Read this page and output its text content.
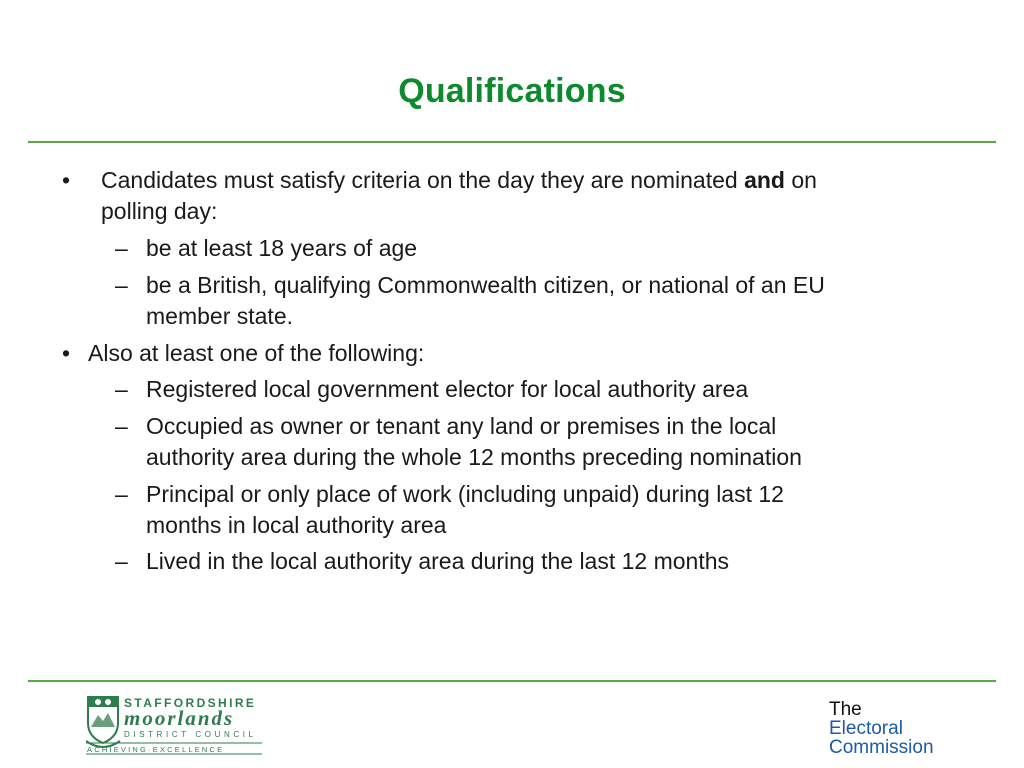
Qualifications
• Candidates must satisfy criteria on the day they are nominated and on
polling day:
– be at least 18 years of age
– be a British, qualifying Commonwealth citizen, or national of an EU
member state.
• Also at least one of the following:
– Registered local government elector for local authority area
– Occupied as owner or tenant any land or premises in the local
authority area during the whole 12 months preceding nomination
– Principal or only place of work (including unpaid) during last 12
months in local authority area
– Lived in the local authority area during the last 12 months
STAFFORDSHIRE
moorlands
DISTRICT COUNCIL
ACHIEVING·EXCELLENCE
The
Electoral
Commission
